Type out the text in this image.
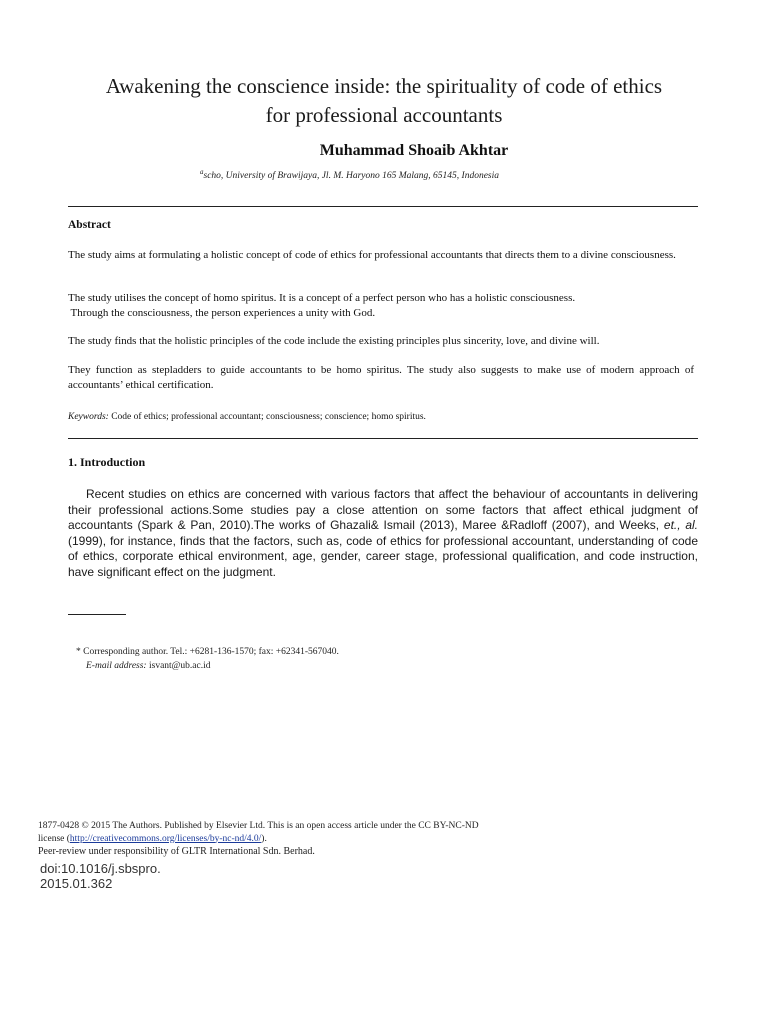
Awakening the conscience inside: the spirituality of code of ethics
for professional accountants
Muhammad Shoaib Akhtar
$^a$scho, University of Brawijaya, Jl. M. Haryono 165 Malang, 65145, Indonesia
Abstract
The study aims at formulating a holistic concept of code of ethics for professional accountants that directs them to a divine consciousness.
The study utilises the concept of homo spiritus. It is a concept of a perfect person who has a holistic consciousness.
Through the consciousness, the person experiences a unity with God.
The study finds that the holistic principles of the code include the existing principles plus sincerity, love, and divine will.
They function as stepladders to guide accountants to be homo spiritus. The study also suggests to make use of modern approach of accountants’ ethical certification.
Keywords: Code of ethics; professional accountant; consciousness; conscience; homo spiritus.
1. Introduction
Recent studies on ethics are concerned with various factors that affect the behaviour of accountants in delivering their professional actions.Some studies pay a close attention on some factors that affect ethical judgment of accountants (Spark & Pan, 2010).The works of Ghazali& Ismail (2013), Maree &Radloff (2007), and Weeks, et., al. (1999), for instance, finds that the factors, such as, code of ethics for professional accountant, understanding of code of ethics, corporate ethical environment, age, gender, career stage, professional qualification, and code instruction, have significant effect on the judgment.
* Corresponding author. Tel.: +6281-136-1570; fax: +62341-567040.
E-mail address: isvant@ub.ac.id
1877-0428 © 2015 The Authors. Published by Elsevier Ltd. This is an open access article under the CC BY-NC-ND
license (http://creativecommons.org/licenses/by-nc-nd/4.0/).
Peer-review under responsibility of GLTR International Sdn. Berhad.
doi:10.1016/j.sbspro.
2015.01.362
